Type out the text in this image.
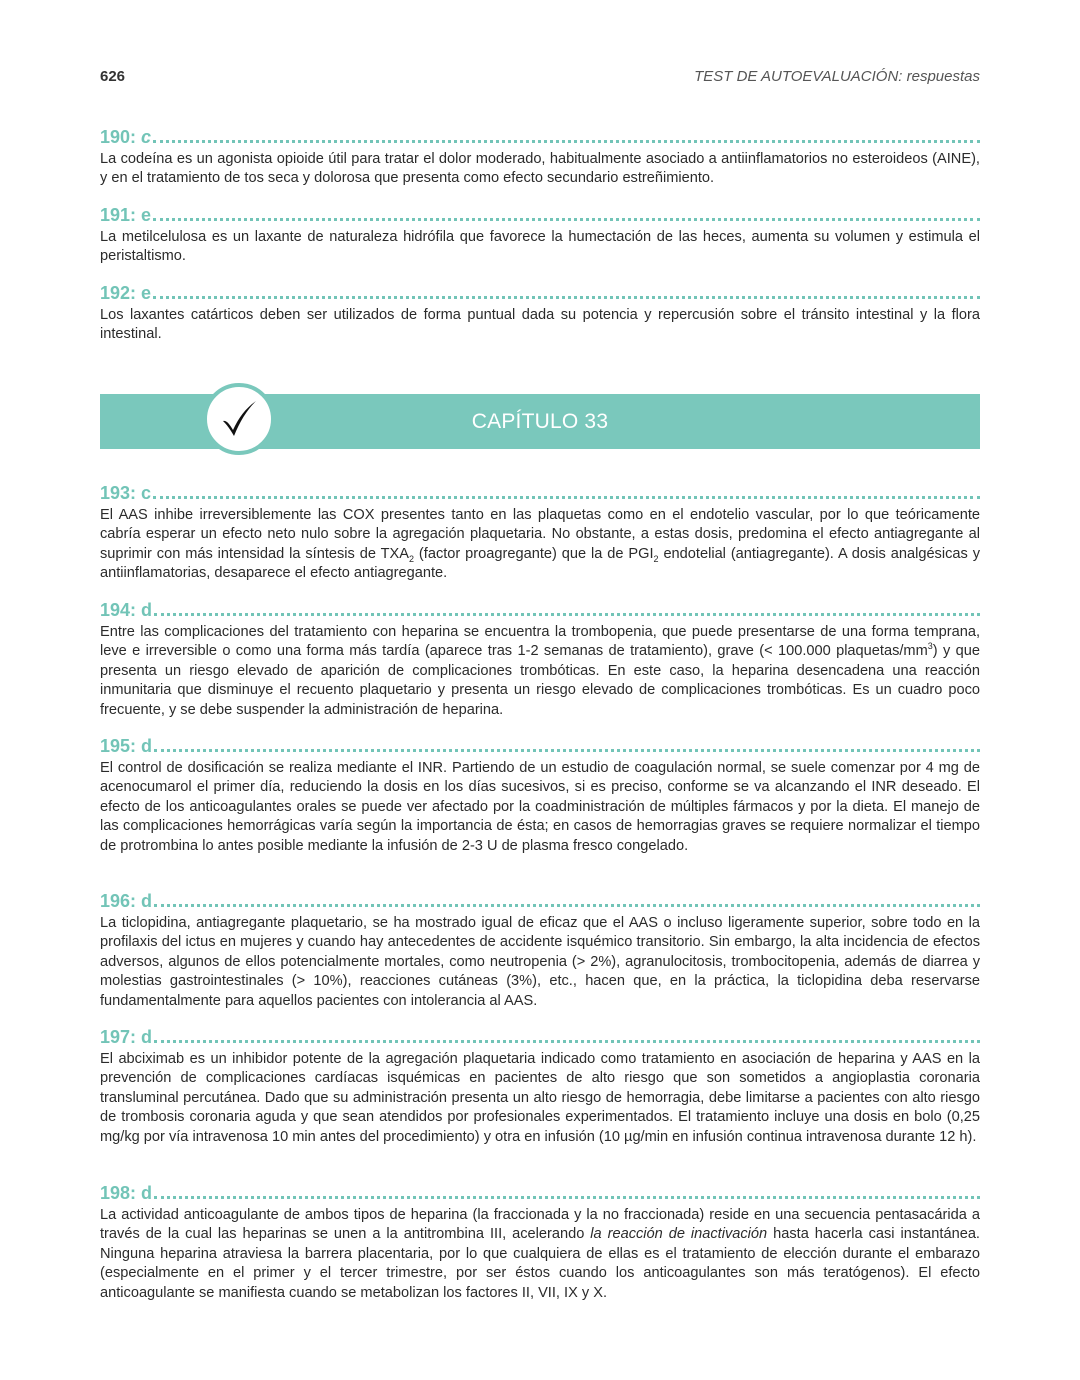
626	TEST DE AUTOEVALUACIÓN: respuestas
190: c

La codeína es un agonista opioide útil para tratar el dolor moderado, habitualmente asociado a antiinflamatorios no esteroideos (AINE), y en el tratamiento de tos seca y dolorosa que presenta como efecto secundario estreñimiento.

191: e

La metilcelulosa es un laxante de naturaleza hidrófila que favorece la humectación de las heces, aumenta su volumen y estimula el peristaltismo.

192: e

Los laxantes catárticos deben ser utilizados de forma puntual dada su potencia y repercusión sobre el tránsito intestinal y la flora intestinal.

CAPÍTULO 33
193: c

El AAS inhibe irreversiblemente las COX presentes tanto en las plaquetas como en el endotelio vascular, por lo que teóricamente cabría esperar un efecto neto nulo sobre la agregación plaquetaria. No obstante, a estas dosis, predomina el efecto antiagregante al suprimir con más intensidad la síntesis de $TXA_2$ (factor proagregante) que la de $PGI_2$ endotelial (antiagregante). A dosis analgésicas y antiinflamatorias, desaparece el efecto antiagregante.

194: d

Entre las complicaciones del tratamiento con heparina se encuentra la trombopenia, que puede presentarse de una forma temprana, leve e irreversible o como una forma más tardía (aparece tras 1-2 semanas de tratamiento), grave (< 100.000 plaquetas/$mm^3$) y que presenta un riesgo elevado de aparición de complicaciones trombóticas. En este caso, la heparina desencadena una reacción inmunitaria que disminuye el recuento plaquetario y presenta un riesgo elevado de complicaciones trombóticas. Es un cuadro poco frecuente, y se debe suspender la administración de heparina.

195: d

El control de dosificación se realiza mediante el INR. Partiendo de un estudio de coagulación normal, se suele comenzar por 4 mg de acenocumarol el primer día, reduciendo la dosis en los días sucesivos, si es preciso, conforme se va alcanzando el INR deseado. El efecto de los anticoagulantes orales se puede ver afectado por la coadministración de múltiples fármacos y por la dieta. El manejo de las complicaciones hemorrágicas varía según la importancia de ésta; en casos de hemorragias graves se requiere normalizar el tiempo de protrombina lo antes posible mediante la infusión de 2-3 U de plasma fresco congelado.

196: d

La ticlopidina, antiagregante plaquetario, se ha mostrado igual de eficaz que el AAS o incluso ligeramente superior, sobre todo en la profilaxis del ictus en mujeres y cuando hay antecedentes de accidente isquémico transitorio. Sin embargo, la alta incidencia de efectos adversos, algunos de ellos potencialmente mortales, como neutropenia (> 2%), agranulocitosis, trombocitopenia, además de diarrea y molestias gastrointestinales (> 10%), reacciones cutáneas (3%), etc., hacen que, en la práctica, la ticlopidina deba reservarse fundamentalmente para aquellos pacientes con intolerancia al AAS.

197: d

El abciximab es un inhibidor potente de la agregación plaquetaria indicado como tratamiento en asociación de heparina y AAS en la prevención de complicaciones cardíacas isquémicas en pacientes de alto riesgo que son sometidos a angioplastia coronaria transluminal percutánea. Dado que su administración presenta un alto riesgo de hemorragia, debe limitarse a pacientes con alto riesgo de trombosis coronaria aguda y que sean atendidos por profesionales experimentados. El tratamiento incluye una dosis en bolo (0,25 mg/kg por vía intravenosa 10 min antes del procedimiento) y otra en infusión (10 µg/min en infusión continua intravenosa durante 12 h).

198: d

La actividad anticoagulante de ambos tipos de heparina (la fraccionada y la no fraccionada) reside en una secuencia pentasacárida a través de la cual las heparinas se unen a la antitrombina III, acelerando la reacción de inactivación hasta hacerla casi instantánea. Ninguna heparina atraviesa la barrera placentaria, por lo que cualquiera de ellas es el tratamiento de elección durante el embarazo (especialmente en el primer y el tercer trimestre, por ser éstos cuando los anticoagulantes son más teratógenos). El efecto anticoagulante se manifiesta cuando se metabolizan los factores II, VII, IX y X.
